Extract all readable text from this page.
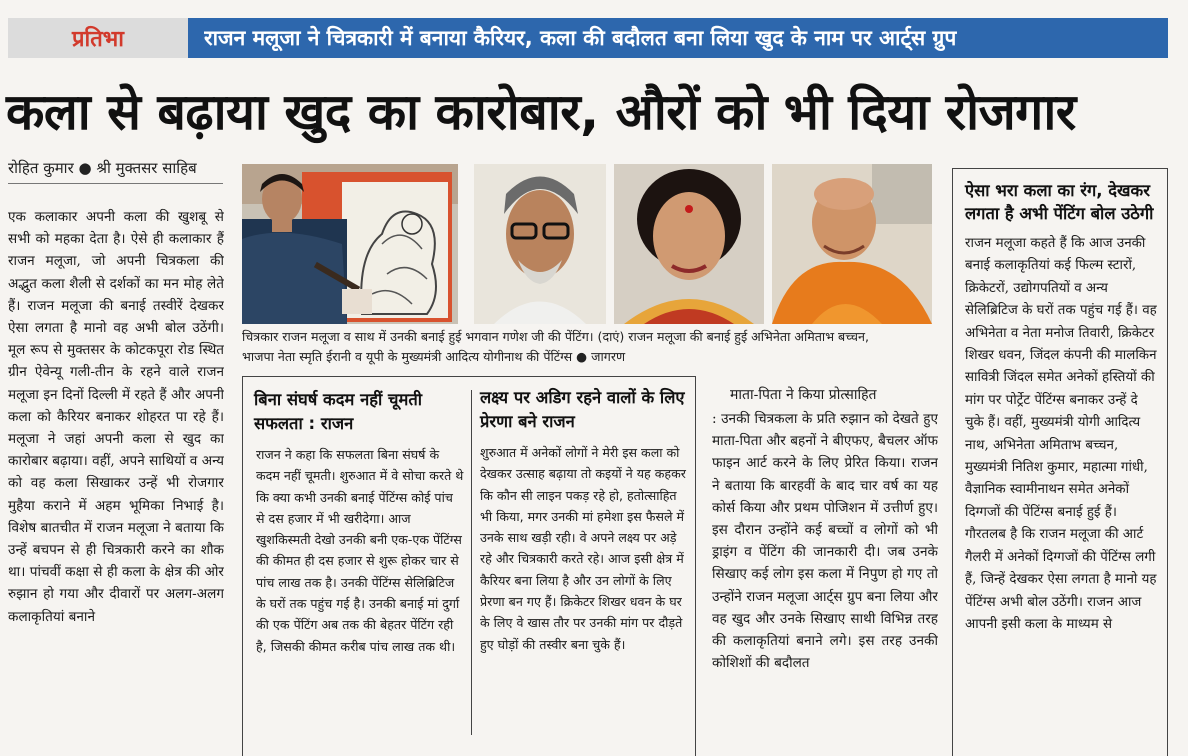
प्रतिभा	राजन मलूजा ने चित्रकारी में बनाया कैरियर, कला की बदौलत बना लिया खुद के नाम पर आर्ट्स ग्रुप
कला से बढ़ाया खुद का कारोबार, औरों को भी दिया रोजगार
रोहित कुमार ● श्री मुक्तसर साहिब
एक कलाकार अपनी कला की खुशबू से सभी को महका देता है। ऐसे ही कलाकार हैं राजन मलूजा, जो अपनी चित्रकला की अद्भुत कला शैली से दर्शकों का मन मोह लेते हैं। राजन मलूजा की बनाई तस्वीरें देखकर ऐसा लगता है मानो वह अभी बोल उठेंगी। मूल रूप से मुक्तसर के कोटकपूरा रोड स्थित ग्रीन ऐवेन्यू गली-तीन के रहने वाले राजन मलूजा इन दिनों दिल्ली में रहते हैं और अपनी कला को कैरियर बनाकर शोहरत पा रहे हैं। मलूजा ने जहां अपनी कला से खुद का कारोबार बढ़ाया। वहीं, अपने साथियों व अन्य को वह कला सिखाकर उन्हें भी रोजगार मुहैया कराने में अहम भूमिका निभाई है। विशेष बातचीत में राजन मलूजा ने बताया कि उन्हें बचपन से ही चित्रकारी करने का शौक था। पांचवीं कक्षा से ही कला के क्षेत्र की ओर रुझान हो गया और दीवारों पर अलग-अलग कलाकृतियां बनाने
चित्रकार राजन मलूजा व साथ में उनकी बनाई हुई भगवान गणेश जी की पेंटिंग। (दाएं) राजन मलूजा की बनाई हुई अभिनेता अमिताभ बच्चन,
भाजपा नेता स्मृति ईरानी व यूपी के मुख्यमंत्री आदित्य योगीनाथ की पेंटिंग्स ● जागरण
ऐसा भरा कला का रंग, देखकर लगता है अभी पेंटिंग बोल उठेगी
राजन मलूजा कहते हैं कि आज उनकी बनाई कलाकृतियां कई फिल्म स्टारों, क्रिकेटरों, उद्योगपतियों व अन्य सेलिब्रिटिज के घरों तक पहुंच गई हैं। वह अभिनेता व नेता मनोज तिवारी, क्रिकेटर शिखर धवन, जिंदल कंपनी की मालकिन सावित्री जिंदल समेत अनेकों हस्तियों की मांग पर पोर्ट्रेट पेंटिंग्स बनाकर उन्हें दे चुके हैं। वहीं, मुख्यमंत्री योगी आदित्य नाथ, अभिनेता अमिताभ बच्चन, मुख्यमंत्री नितिश कुमार, महात्मा गांधी, वैज्ञानिक स्वामीनाथन समेत अनेकों दिग्गजों की पेंटिंग्स बनाई हुई हैं। गौरतलब है कि राजन मलूजा की आर्ट गैलरी में अनेकों दिग्गजों की पेंटिंग्स लगी हैं, जिन्हें देखकर ऐसा लगता है मानो यह पेंटिंग्स अभी बोल उठेंगी। राजन आज आपनी इसी कला के माध्यम से
बिना संघर्ष कदम नहीं चूमती सफलता : राजन
राजन ने कहा कि सफलता बिना संघर्ष के कदम नहीं चूमती। शुरुआत में वे सोचा करते थे कि क्या कभी उनकी बनाई पेंटिंग्स कोई पांच से दस हजार में भी खरीदेगा। आज खुशकिस्मती देखो उनकी बनी एक-एक पेंटिंग्स की कीमत ही दस हजार से शुरू होकर चार से पांच लाख तक है। उनकी पेंटिंग्स सेलिब्रिटिज के घरों तक पहुंच गई है। उनकी बनाई मां दुर्गा की एक पेंटिंग अब तक की बेहतर पेंटिंग रही है, जिसकी कीमत करीब पांच लाख तक थी।
लक्ष्य पर अडिग रहने वालों के लिए प्रेरणा बने राजन
शुरुआत में अनेकों लोगों ने मेरी इस कला को देखकर उत्साह बढ़ाया तो कइयों ने यह कहकर कि कौन सी लाइन पकड़ रहे हो, हतोत्साहित भी किया, मगर उनकी मां हमेशा इस फैसले में उनके साथ खड़ी रही। वे अपने लक्ष्य पर अड़े रहे और चित्रकारी करते रहे। आज इसी क्षेत्र में कैरियर बना लिया है और उन लोगों के लिए प्रेरणा बन गए हैं। क्रिकेटर शिखर धवन के घर के लिए वे खास तौर पर उनकी मांग पर दौड़ते हुए घोड़ों की तस्वीर बना चुके हैं।
माता-पिता ने किया प्रोत्साहित
: उनकी चित्रकला के प्रति रुझान को देखते हुए माता-पिता और बहनों ने बीएफए, बैचलर ऑफ फाइन आर्ट करने के लिए प्रेरित किया। राजन ने बताया कि बारहवीं के बाद चार वर्ष का यह कोर्स किया और प्रथम पोजिशन में उत्तीर्ण हुए। इस दौरान उन्होंने कई बच्चों व लोगों को भी ड्राइंग व पेंटिंग की जानकारी दी। जब उनके सिखाए कई लोग इस कला में निपुण हो गए तो उन्होंने राजन मलूजा आर्ट्स ग्रुप बना लिया और वह खुद और उनके सिखाए साथी विभिन्न तरह की कलाकृतियां बनाने लगे। इस तरह उनकी कोशिशों की बदौलत
